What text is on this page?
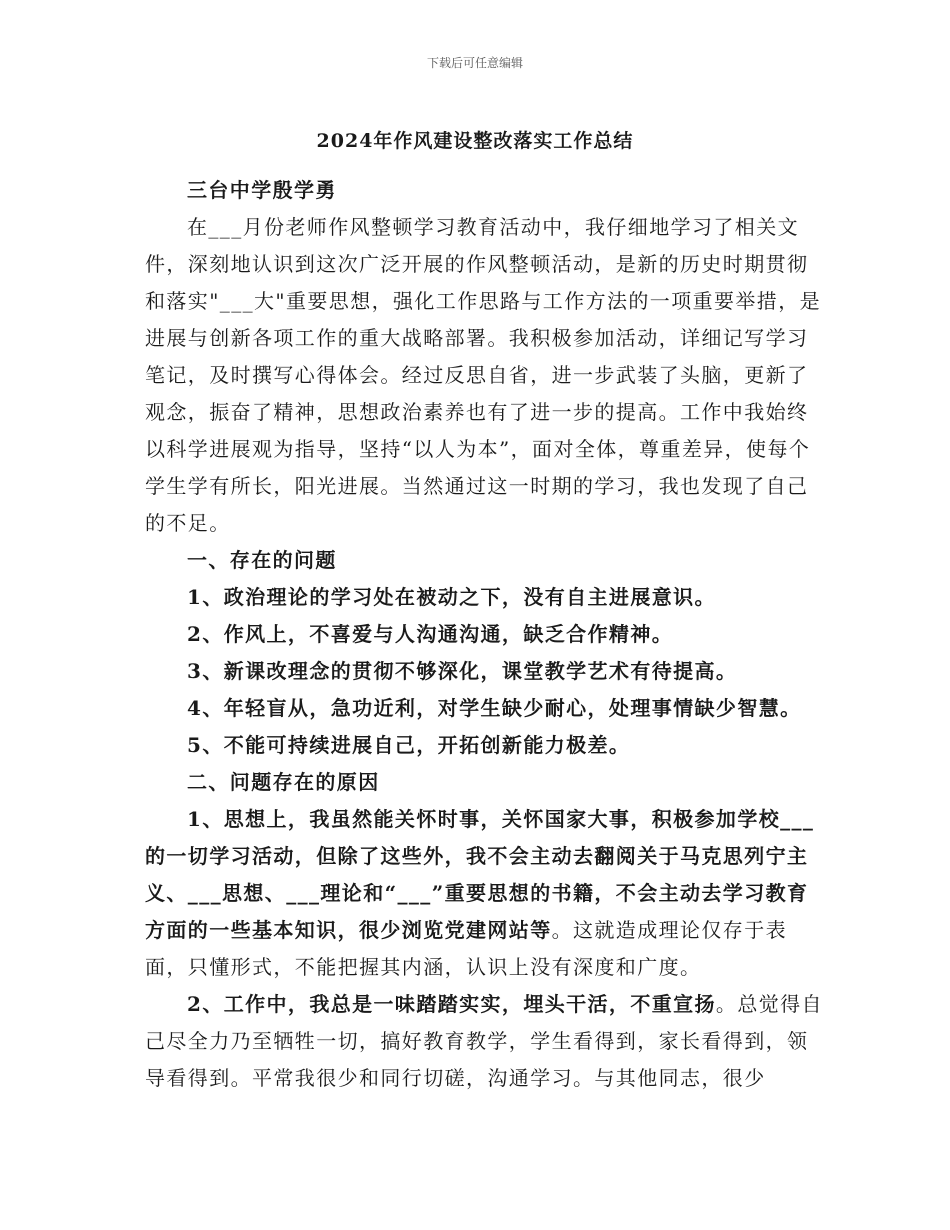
下载后可任意编辑
2024年作风建设整改落实工作总结

三台中学殷学勇

在___月份老师作风整顿学习教育活动中，我仔细地学习了相关文件，深刻地认识到这次广泛开展的作风整顿活动，是新的历史时期贯彻和落实"___大"重要思想，强化工作思路与工作方法的一项重要举措，是进展与创新各项工作的重大战略部署。我积极参加活动，详细记写学习笔记，及时撰写心得体会。经过反思自省，进一步武装了头脑，更新了观念，振奋了精神，思想政治素养也有了进一步的提高。工作中我始终以科学进展观为指导，坚持“以人为本”，面对全体，尊重差异，使每个学生学有所长，阳光进展。当然通过这一时期的学习，我也发现了自己的不足。

一、存在的问题

1、政治理论的学习处在被动之下，没有自主进展意识。

2、作风上，不喜爱与人沟通沟通，缺乏合作精神。

3、新课改理念的贯彻不够深化，课堂教学艺术有待提高。

4、年轻盲从，急功近利，对学生缺少耐心，处理事情缺少智慧。

5、不能可持续进展自己，开拓创新能力极差。

二、问题存在的原因

1、思想上，我虽然能关怀时事，关怀国家大事，积极参加学校___的一切学习活动，但除了这些外，我不会主动去翻阅关于马克思列宁主义、___思想、___理论和“___”重要思想的书籍，不会主动去学习教育方面的一些基本知识，很少浏览党建网站等。这就造成理论仅存于表面，只懂形式，不能把握其内涵，认识上没有深度和广度。

2、工作中，我总是一味踏踏实实，埋头干活，不重宣扬。总觉得自己尽全力乃至牺牲一切，搞好教育教学，学生看得到，家长看得到，领导看得到。平常我很少和同行切磋，沟通学习。与其他同志，很少
